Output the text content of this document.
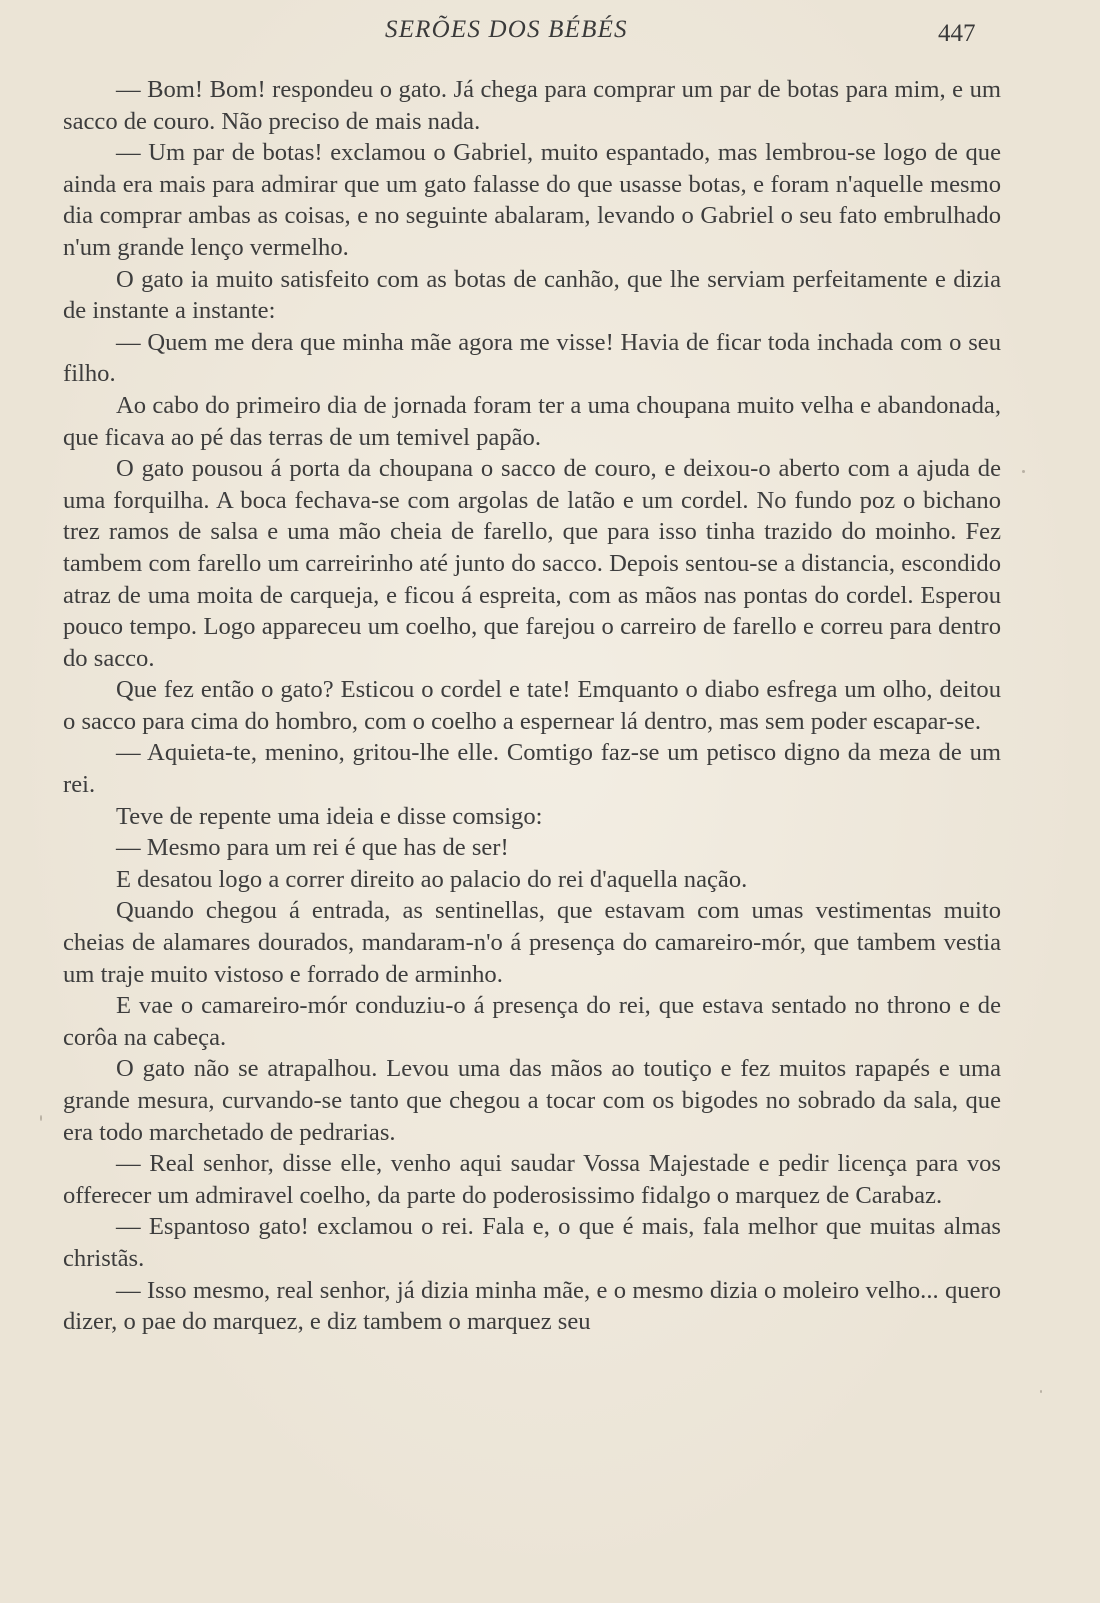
SERÕES DOS BÉBÉS	447

— Bom! Bom! respondeu o gato. Já chega para comprar um par de botas para mim, e um sacco de couro. Não preciso de mais nada.

— Um par de botas! exclamou o Gabriel, muito espantado, mas lembrou-se logo de que ainda era mais para admirar que um gato falasse do que usasse botas, e foram n'aquelle mesmo dia comprar ambas as coisas, e no seguinte abalaram, levando o Gabriel o seu fato embrulhado n'um grande lenço vermelho.

O gato ia muito satisfeito com as botas de canhão, que lhe serviam perfeitamente e dizia de instante a instante:

— Quem me dera que minha mãe agora me visse! Havia de ficar toda inchada com o seu filho.

Ao cabo do primeiro dia de jornada foram ter a uma choupana muito velha e abandonada, que ficava ao pé das terras de um temivel papão.

O gato pousou á porta da choupana o sacco de couro, e deixou-o aberto com a ajuda de uma forquilha. A boca fechava-se com argolas de latão e um cordel. No fundo poz o bichano trez ramos de salsa e uma mão cheia de farello, que para isso tinha trazido do moinho. Fez tambem com farello um carreirinho até junto do sacco. Depois sentou-se a distancia, escondido atraz de uma moita de carqueja, e ficou á espreita, com as mãos nas pontas do cordel. Esperou pouco tempo. Logo appareceu um coelho, que farejou o carreiro de farello e correu para dentro do sacco.

Que fez então o gato? Esticou o cordel e tate! Emquanto o diabo esfrega um olho, deitou o sacco para cima do hombro, com o coelho a espernear lá dentro, mas sem poder escapar-se.

— Aquieta-te, menino, gritou-lhe elle. Comtigo faz-se um petisco digno da meza de um rei.

Teve de repente uma ideia e disse comsigo:

— Mesmo para um rei é que has de ser!

E desatou logo a correr direito ao palacio do rei d'aquella nação.

Quando chegou á entrada, as sentinellas, que estavam com umas vestimentas muito cheias de alamares dourados, mandaram-n'o á presença do camareiro-mór, que tambem vestia um traje muito vistoso e forrado de arminho.

E vae o camareiro-mór conduziu-o á presença do rei, que estava sentado no throno e de corôa na cabeça.

O gato não se atrapalhou. Levou uma das mãos ao toutiço e fez muitos rapapés e uma grande mesura, curvando-se tanto que chegou a tocar com os bigodes no sobrado da sala, que era todo marchetado de pedrarias.

— Real senhor, disse elle, venho aqui saudar Vossa Majestade e pedir licença para vos offerecer um admiravel coelho, da parte do poderosissimo fidalgo o marquez de Carabaz.

— Espantoso gato! exclamou o rei. Fala e, o que é mais, fala melhor que muitas almas christãs.

— Isso mesmo, real senhor, já dizia minha mãe, e o mesmo dizia o moleiro velho... quero dizer, o pae do marquez, e diz tambem o marquez seu
